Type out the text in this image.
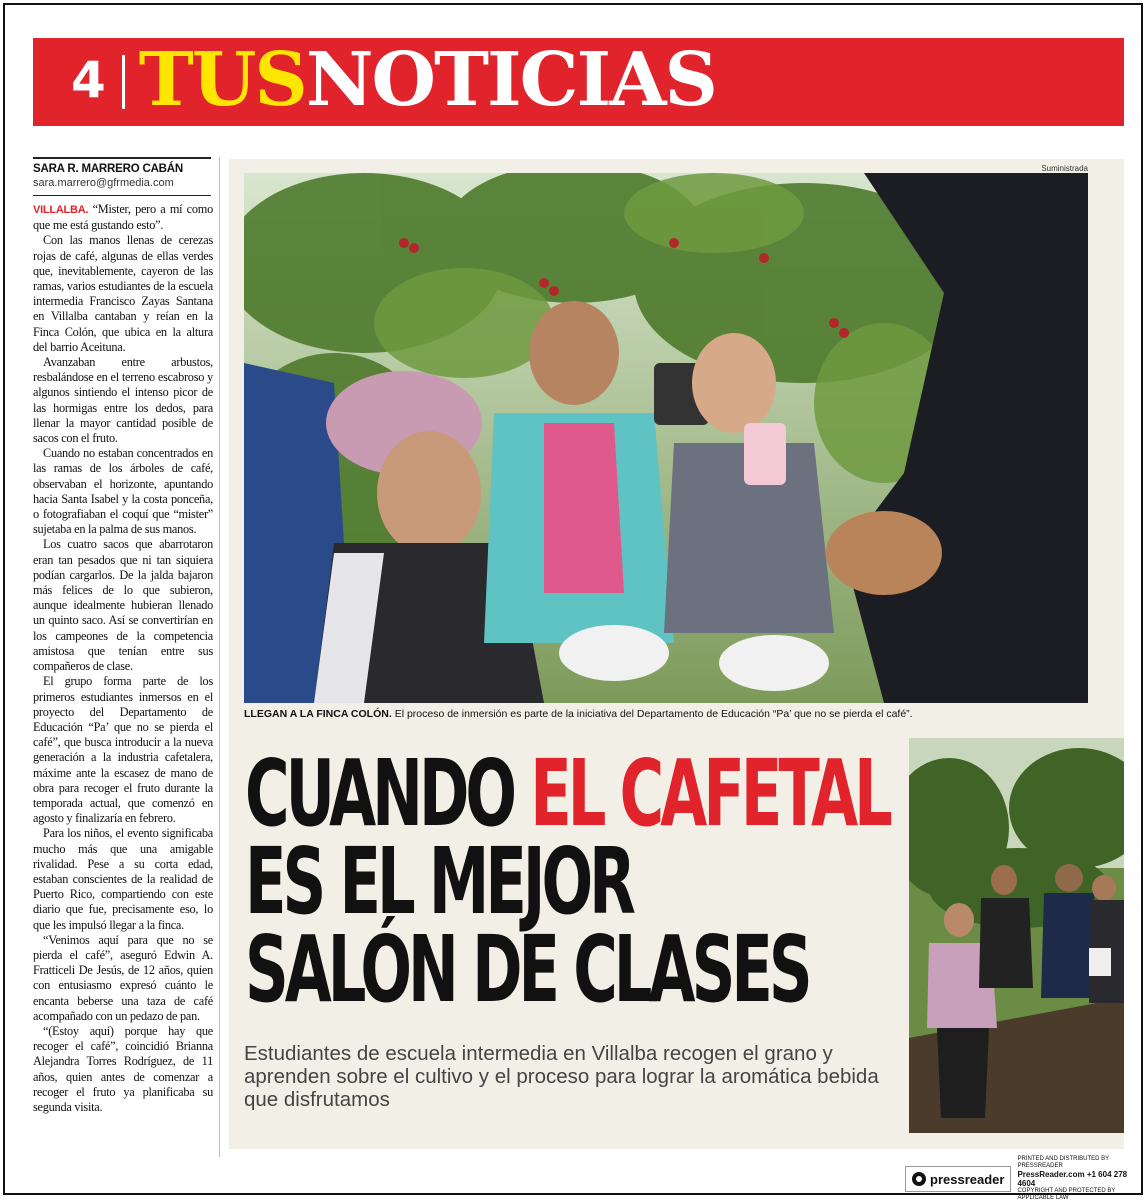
4 TUSNOTICIAS
SARA R. MARRERO CABÁN
sara.marrero@gfrmedia.com

VILLALBA. “Mister, pero a mí como que me está gustando esto”.

Con las manos llenas de cerezas rojas de café, algunas de ellas verdes que, inevitablemente, cayeron de las ramas, varios estudiantes de la escuela intermedia Francisco Zayas Santana en Villalba cantaban y reían en la Finca Colón, que ubica en la altura del barrio Aceituna.

Avanzaban entre arbustos, resbalándose en el terreno escabroso y algunos sintiendo el intenso picor de las hormigas entre los dedos, para llenar la mayor cantidad posible de sacos con el fruto.

Cuando no estaban concentrados en las ramas de los árboles de café, observaban el horizonte, apuntando hacia Santa Isabel y la costa ponceña, o fotografiaban el coquí que “mister” sujetaba en la palma de sus manos.

Los cuatro sacos que abarrotaron eran tan pesados que ni tan siquiera podían cargarlos. De la jalda bajaron más felices de lo que subieron, aunque idealmente hubieran llenado un quinto saco. Así se convertirían en los campeones de la competencia amistosa que tenían entre sus compañeros de clase.

El grupo forma parte de los primeros estudiantes inmersos en el proyecto del Departamento de Educación “Pa’ que no se pierda el café”, que busca introducir a la nueva generación a la industria cafetalera, máxime ante la escasez de mano de obra para recoger el fruto durante la temporada actual, que comenzó en agosto y finalizaría en febrero.

Para los niños, el evento significaba mucho más que una amigable rivalidad. Pese a su corta edad, estaban conscientes de la realidad de Puerto Rico, compartiendo con este diario que fue, precisamente eso, lo que les impulsó llegar a la finca.

“Venimos aquí para que no se pierda el café”, aseguró Edwin A. Fratticeli De Jesús, de 12 años, quien con entusiasmo expresó cuánto le encanta beberse una taza de café acompañado con un pedazo de pan.

“(Estoy aquí) porque hay que recoger el café”, coincidió Brianna Alejandra Torres Rodríguez, de 11 años, quien antes de comenzar a recoger el fruto ya planificaba su segunda visita.

Suministrada
LLEGAN A LA FINCA COLÓN. El proceso de inmersión es parte de la iniciativa del Departamento de Educación “Pa’ que no se pierda el café”.
CUANDO EL CAFETAL
ES EL MEJOR
SALÓN DE CLASES
Estudiantes de escuela intermedia en Villalba recogen el grano y aprenden sobre el cultivo y el proceso para lograr la aromática bebida que disfrutamos
pressreader
PRINTED AND DISTRIBUTED BY PRESSREADER
PressReader.com +1 604 278 4604
COPYRIGHT AND PROTECTED BY APPLICABLE LAW
